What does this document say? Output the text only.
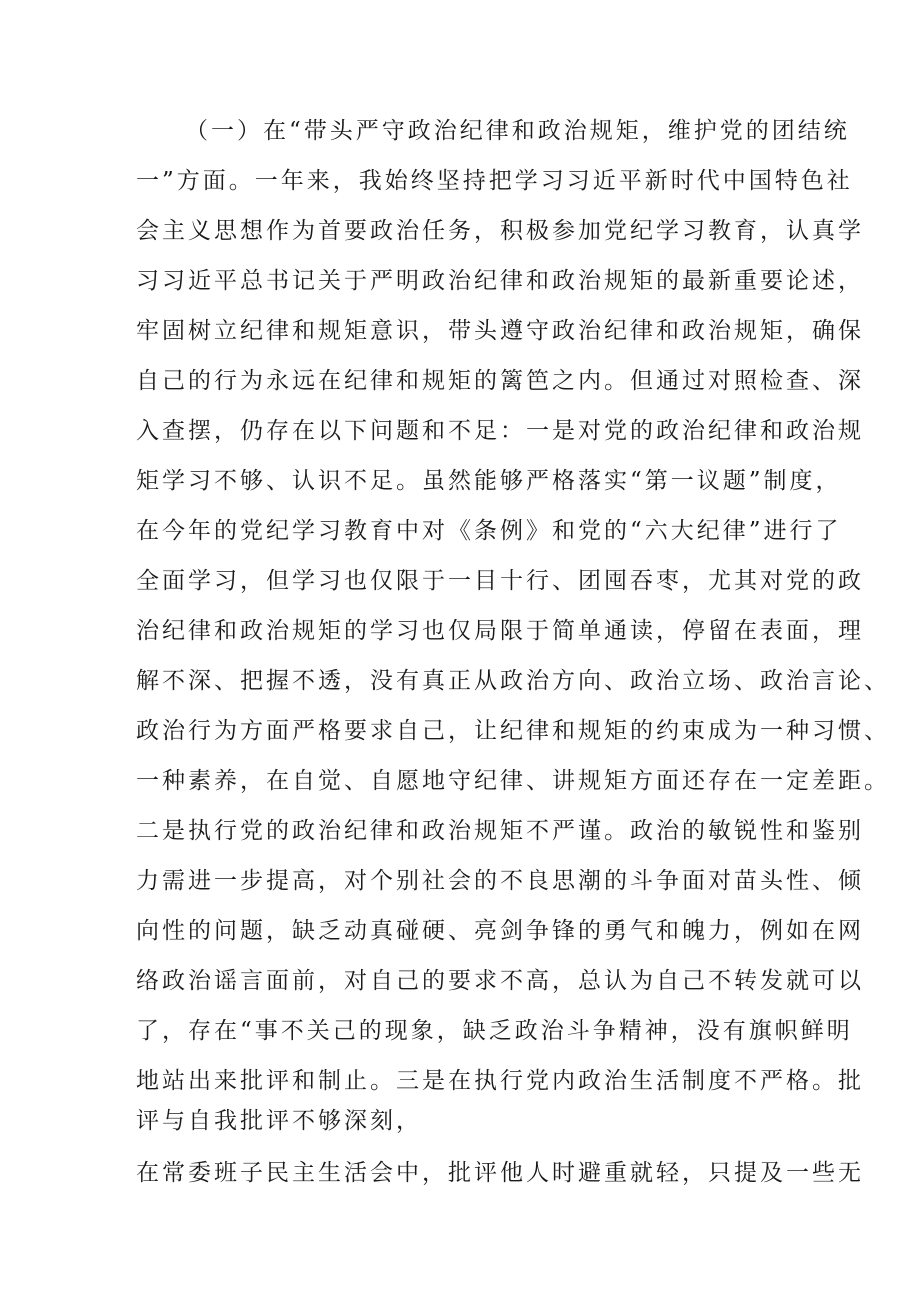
（一）在“带头严守政治纪律和政治规矩，维护党的团结统
一”方面。一年来，我始终坚持把学习习近平新时代中国特色社
会主义思想作为首要政治任务，积极参加党纪学习教育，认真学
习习近平总书记关于严明政治纪律和政治规矩的最新重要论述，
牢固树立纪律和规矩意识，带头遵守政治纪律和政治规矩，确保
自己的行为永远在纪律和规矩的篱笆之内。但通过对照检查、深
入查摆，仍存在以下问题和不足：一是对党的政治纪律和政治规
矩学习不够、认识不足。虽然能够严格落实“第一议题”制度，
在今年的党纪学习教育中对《条例》和党的“六大纪律”进行了
全面学习，但学习也仅限于一目十行、团囤吞枣，尤其对党的政
治纪律和政治规矩的学习也仅局限于简单通读，停留在表面，理
解不深、把握不透，没有真正从政治方向、政治立场、政治言论、
政治行为方面严格要求自己，让纪律和规矩的约束成为一种习惯、
一种素养，在自觉、自愿地守纪律、讲规矩方面还存在一定差距。
二是执行党的政治纪律和政治规矩不严谨。政治的敏锐性和鉴别
力需进一步提高，对个别社会的不良思潮的斗争面对苗头性、倾
向性的问题，缺乏动真碰硬、亮剑争锋的勇气和魄力，例如在网
络政治谣言面前，对自己的要求不高，总认为自己不转发就可以
了，存在“事不关己的现象，缺乏政治斗争精神，没有旗帜鲜明
地站出来批评和制止。三是在执行党内政治生活制度不严格。批
评与自我批评不够深刻，
在常委班子民主生活会中，批评他人时避重就轻，只提及一些无
